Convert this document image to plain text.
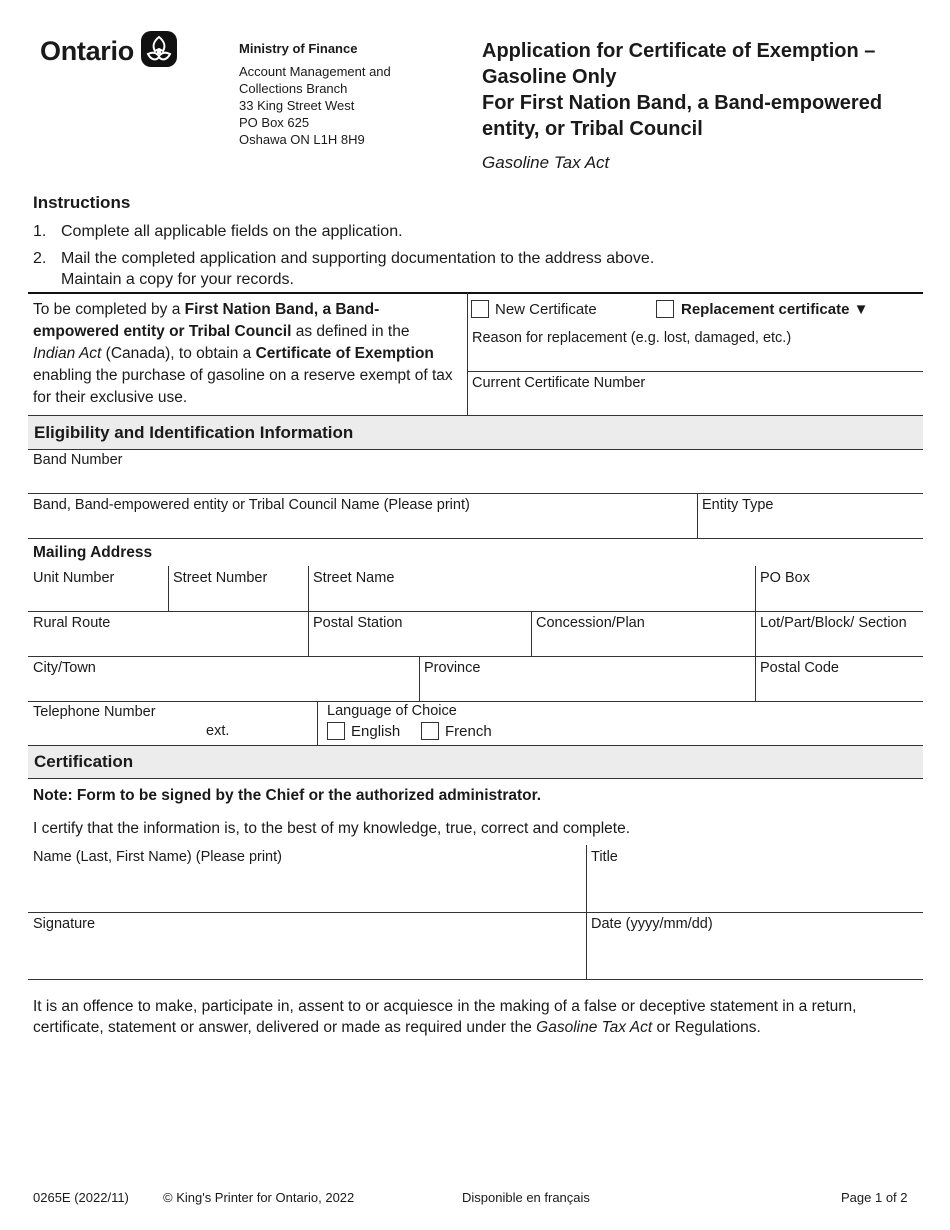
Ontario	Ministry of Finance
Account Management and
Collections Branch
33 King Street West
PO Box 625
Oshawa ON L1H 8H9
Application for Certificate of Exemption –
Gasoline Only
For First Nation Band, a Band-empowered
entity, or Tribal Council
Gasoline Tax Act
Instructions
1. Complete all applicable fields on the application.
2. Mail the completed application and supporting documentation to the address above.
Maintain a copy for your records.
To be completed by a First Nation Band, a Band-empowered entity or Tribal Council as defined in the Indian Act (Canada), to obtain a Certificate of Exemption enabling the purchase of gasoline on a reserve exempt of tax for their exclusive use.
New Certificate	Replacement certificate ▼
Reason for replacement (e.g. lost, damaged, etc.)
Current Certificate Number
Eligibility and Identification Information
Band Number
Band, Band-empowered entity or Tribal Council Name (Please print)	Entity Type
Mailing Address
Unit Number	Street Number	Street Name	PO Box
Rural Route	Postal Station	Concession/Plan	Lot/Part/Block/ Section
City/Town	Province	Postal Code
Telephone Number
ext.
Language of Choice
English	French
Certification
Note: Form to be signed by the Chief or the authorized administrator.
I certify that the information is, to the best of my knowledge, true, correct and complete.
Name (Last, First Name) (Please print)	Title
Signature	Date (yyyy/mm/dd)
It is an offence to make, participate in, assent to or acquiesce in the making of a false or deceptive statement in a return, certificate, statement or answer, delivered or made as required under the Gasoline Tax Act or Regulations.
0265E (2022/11)	© King's Printer for Ontario, 2022	Disponible en français	Page 1 of 2
